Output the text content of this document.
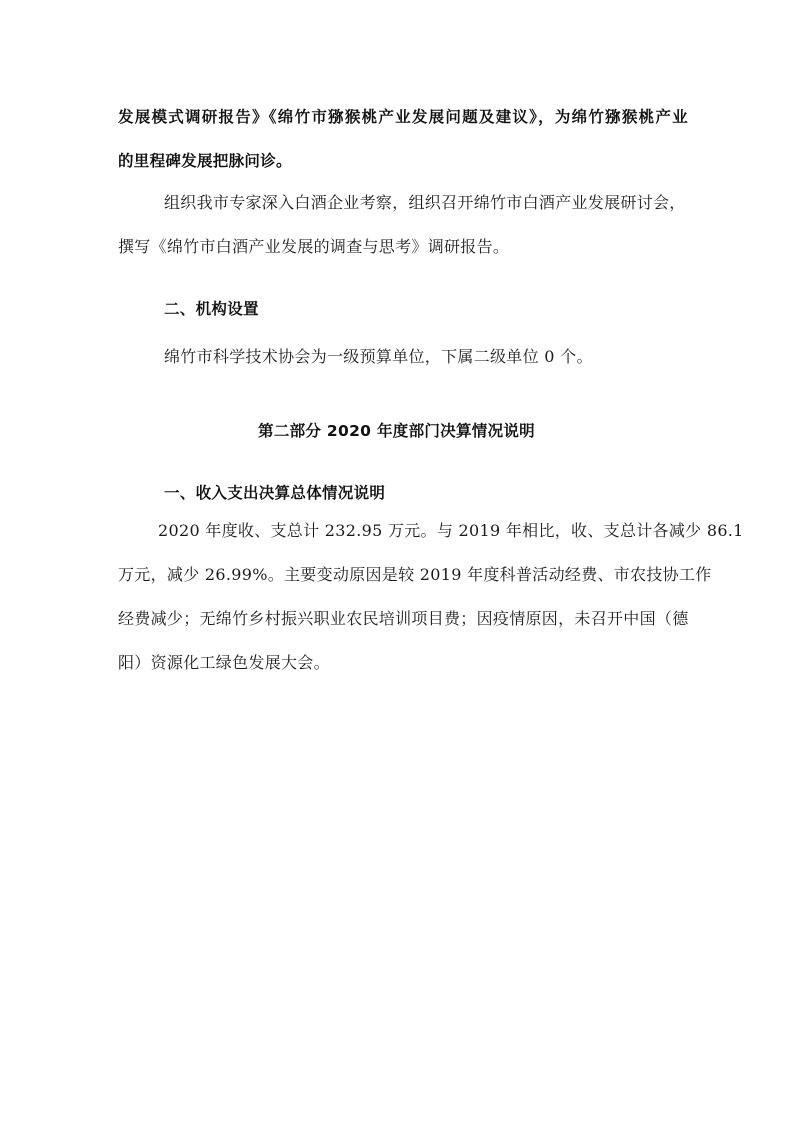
发展模式调研报告》《绵竹市猕猴桃产业发展问题及建议》，为绵竹猕猴桃产业
的里程碑发展把脉问诊。
组织我市专家深入白酒企业考察，组织召开绵竹市白酒产业发展研讨会，
撰写《绵竹市白酒产业发展的调查与思考》调研报告。
二、机构设置
绵竹市科学技术协会为一级预算单位，下属二级单位 0 个。
第二部分 2020 年度部门决算情况说明
一、收入支出决算总体情况说明
2020 年度收、支总计 232.95 万元。与 2019 年相比，收、支总计各减少 86.1
万元，减少 26.99%。主要变动原因是较 2019 年度科普活动经费、市农技协工作
经费减少；无绵竹乡村振兴职业农民培训项目费；因疫情原因，未召开中国（德
阳）资源化工绿色发展大会。
